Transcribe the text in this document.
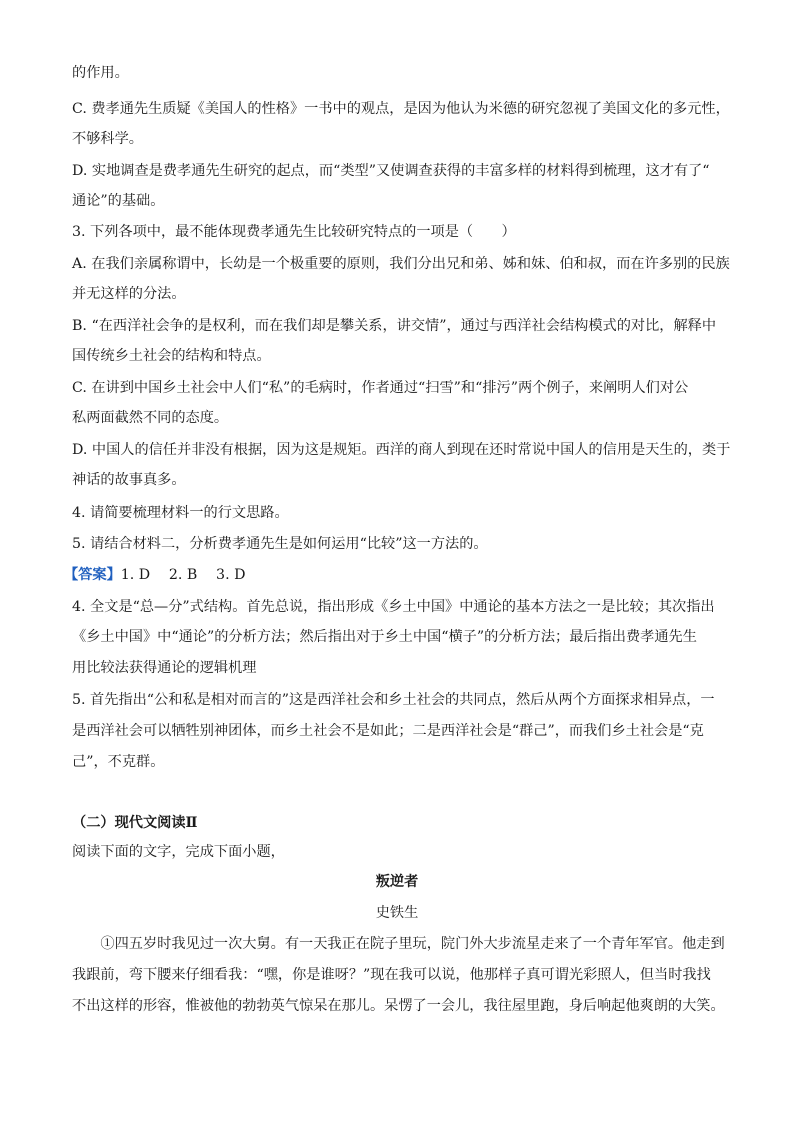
的作用。
C. 费孝通先生质疑《美国人的性格》一书中的观点，是因为他认为米德的研究忽视了美国文化的多元性，
不够科学。
D. 实地调查是费孝通先生研究的起点，而“类型”又使调查获得的丰富多样的材料得到梳理，这才有了“
通论”的基础。
3. 下列各项中，最不能体现费孝通先生比较研究特点的一项是（　　）
A. 在我们亲属称谓中，长幼是一个极重要的原则，我们分出兄和弟、姊和妹、伯和叔，而在许多别的民族
并无这样的分法。
B. “在西洋社会争的是权利，而在我们却是攀关系，讲交情”，通过与西洋社会结构模式的对比，解释中
国传统乡土社会的结构和特点。
C. 在讲到中国乡土社会中人们“私”的毛病时，作者通过“扫雪”和“排污”两个例子，来阐明人们对公
私两面截然不同的态度。
D. 中国人的信任并非没有根据，因为这是规矩。西洋的商人到现在还时常说中国人的信用是天生的，类于
神话的故事真多。
4. 请简要梳理材料一的行文思路。
5. 请结合材料二，分析费孝通先生是如何运用“比较”这一方法的。
【答案】1. D　 2. B　 3. D
4. 全文是“总—分”式结构。首先总说，指出形成《乡土中国》中通论的基本方法之一是比较；其次指出
《乡土中国》中“通论”的分析方法；然后指出对于乡土中国“横子”的分析方法；最后指出费孝通先生
用比较法获得通论的逻辑机理
5. 首先指出“公和私是相对而言的”这是西洋社会和乡土社会的共同点，然后从两个方面探求相异点，一
是西洋社会可以牺牲别神团体，而乡土社会不是如此；二是西洋社会是“群己”，而我们乡土社会是“克
己”，不克群。
（二）现代文阅读Ⅱ
阅读下面的文字，完成下面小题，
叛逆者
史铁生
　　①四五岁时我见过一次大舅。有一天我正在院子里玩，院门外大步流星走来了一个青年军官。他走到
我跟前，弯下腰来仔细看我：“嘿，你是谁呀？”现在我可以说，他那样子真可谓光彩照人，但当时我找
不出这样的形容，惟被他的勃勃英气惊呆在那儿。呆愣了一会儿，我往屋里跑，身后响起他爽朗的大笑。
